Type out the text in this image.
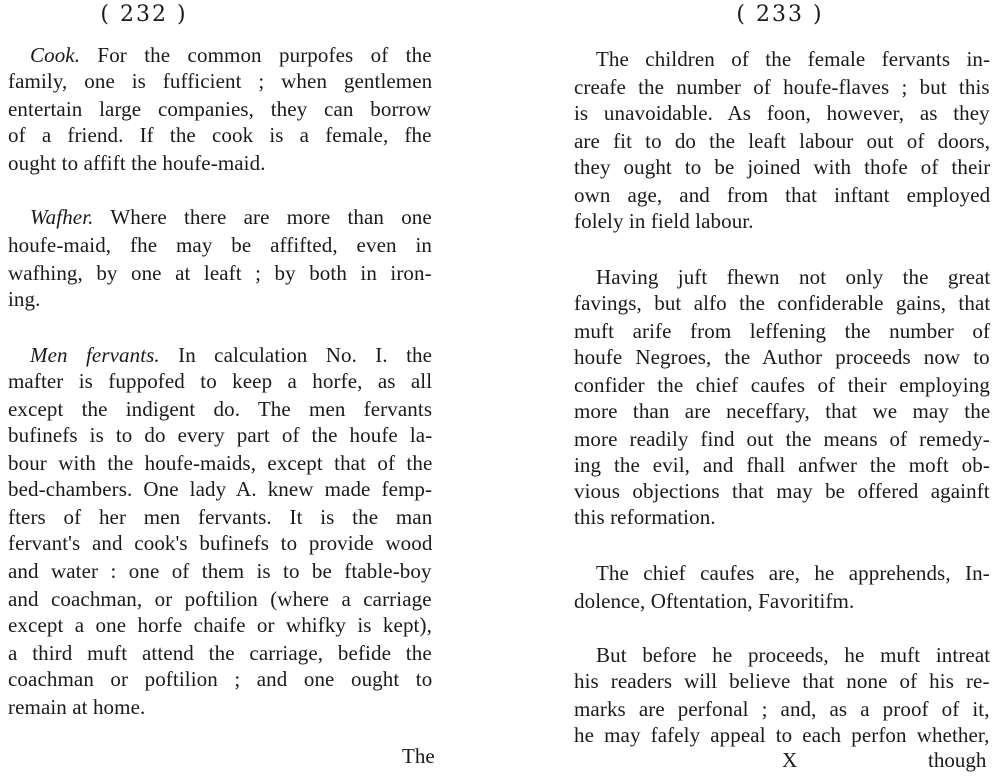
( 232 )
Cook. For the common purpofes of the
family, one is fufficient ; when gentlemen
entertain large companies, they can borrow
of a friend. If the cook is a female, fhe
ought to affift the houfe-maid.
Wafher. Where there are more than one
houfe-maid, fhe may be affifted, even in
wafhing, by one at leaft ; by both in iron-
ing.
Men fervants. In calculation No. I. the
mafter is fuppofed to keep a horfe, as all
except the indigent do. The men fervants
bufinefs is to do every part of the houfe la-
bour with the houfe-maids, except that of the
bed-chambers. One lady A. knew made femp-
fters of her men fervants. It is the man
fervant's and cook's bufinefs to provide wood
and water : one of them is to be ftable-boy
and coachman, or poftilion (where a carriage
except a one horfe chaife or whifky is kept),
a third muft attend the carriage, befide the
coachman or poftilion ; and one ought to
remain at home.
The
( 233 )
The children of the female fervants in-
creafe the number of houfe-flaves ; but this
is unavoidable. As foon, however, as they
are fit to do the leaft labour out of doors,
they ought to be joined with thofe of their
own age, and from that inftant employed
folely in field labour.
Having juft fhewn not only the great
favings, but alfo the confiderable gains, that
muft arife from leffening the number of
houfe Negroes, the Author proceeds now to
confider the chief caufes of their employing
more than are neceffary, that we may the
more readily find out the means of remedy-
ing the evil, and fhall anfwer the moft ob-
vious objections that may be offered againft
this reformation.
The chief caufes are, he apprehends, In-
dolence, Oftentation, Favoritifm.
But before he proceeds, he muft intreat
his readers will believe that none of his re-
marks are perfonal ; and, as a proof of it,
he may fafely appeal to each perfon whether,
X	though
